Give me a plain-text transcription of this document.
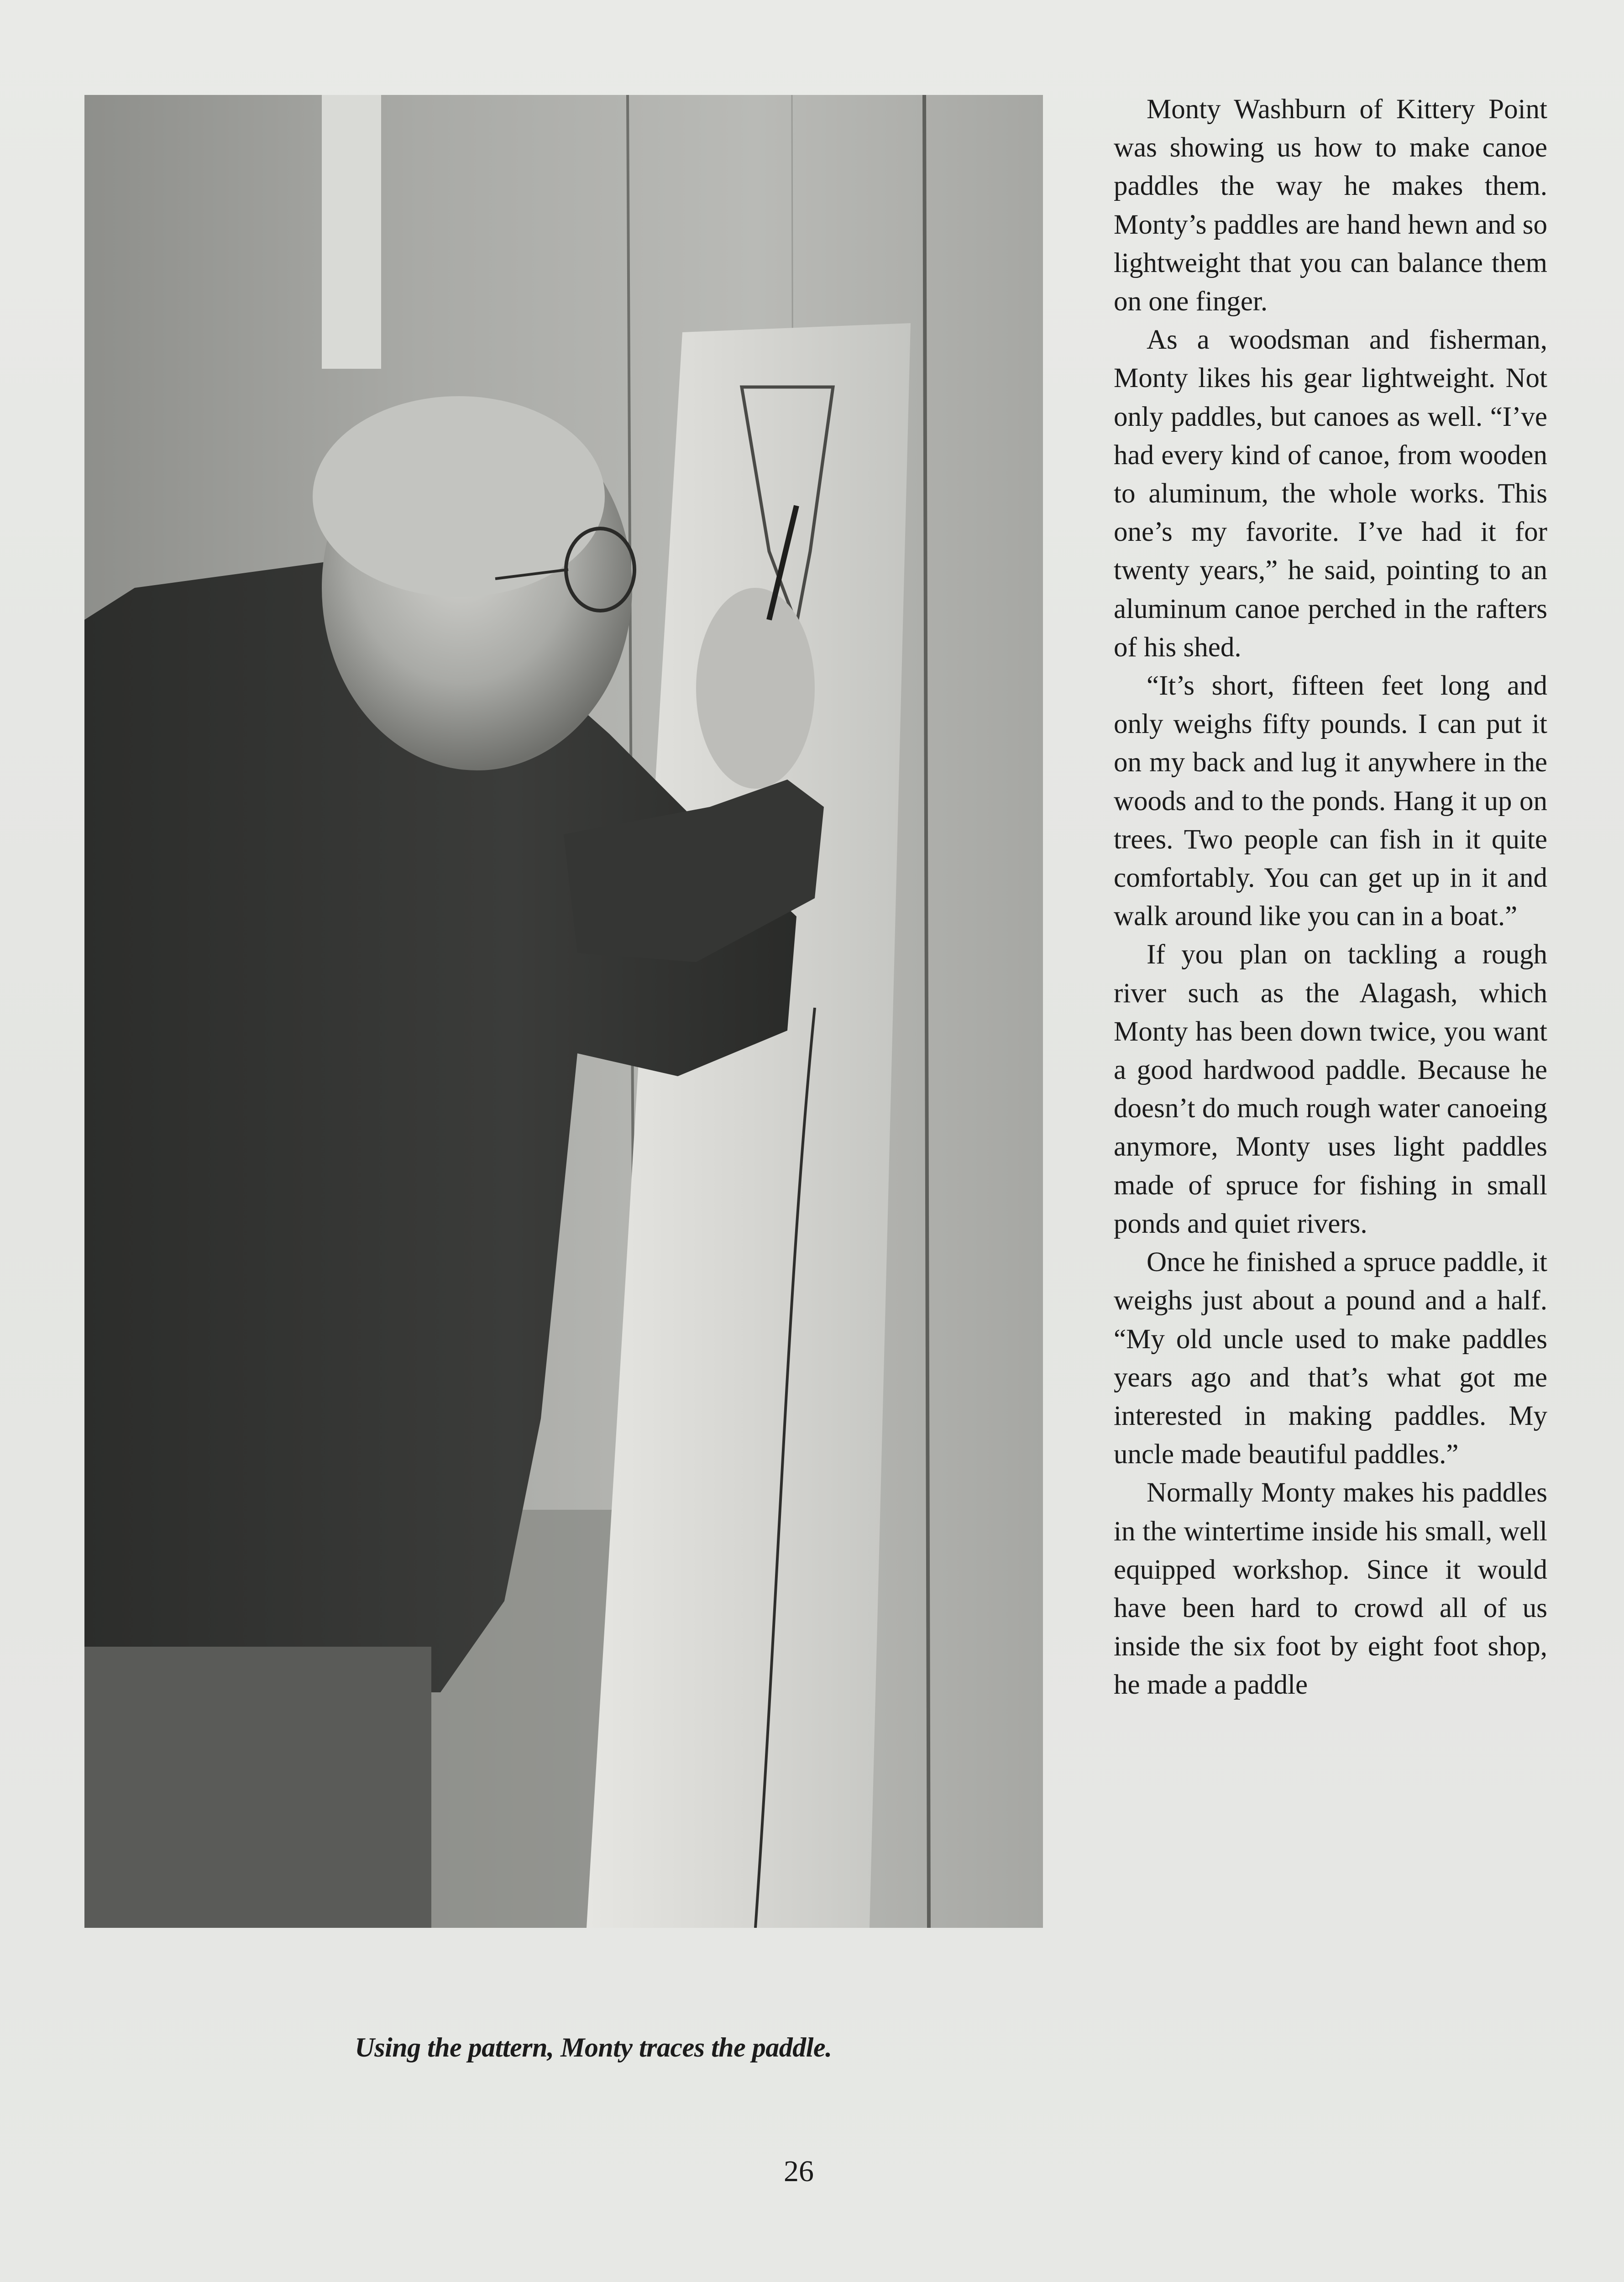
Using the pattern, Monty traces the paddle.

Monty Washburn of Kittery Point was showing us how to make canoe paddles the way he makes them. Monty’s paddles are hand hewn and so lightweight that you can balance them on one finger.

As a woodsman and fisherman, Monty likes his gear lightweight. Not only paddles, but canoes as well. “I’ve had every kind of canoe, from wooden to aluminum, the whole works. This one’s my favorite. I’ve had it for twenty years,” he said, pointing to an aluminum canoe perched in the rafters of his shed.

“It’s short, fifteen feet long and only weighs fifty pounds. I can put it on my back and lug it anywhere in the woods and to the ponds. Hang it up on trees. Two people can fish in it quite comfortably. You can get up in it and walk around like you can in a boat.”

If you plan on tackling a rough river such as the Alagash, which Monty has been down twice, you want a good hardwood paddle. Because he doesn’t do much rough water canoeing anymore, Monty uses light paddles made of spruce for fishing in small ponds and quiet rivers.

Once he finished a spruce paddle, it weighs just about a pound and a half. “My old uncle used to make paddles years ago and that’s what got me interested in making paddles. My uncle made beautiful paddles.”

Normally Monty makes his paddles in the wintertime inside his small, well equipped workshop. Since it would have been hard to crowd all of us inside the six foot by eight foot shop, he made a paddle

26
